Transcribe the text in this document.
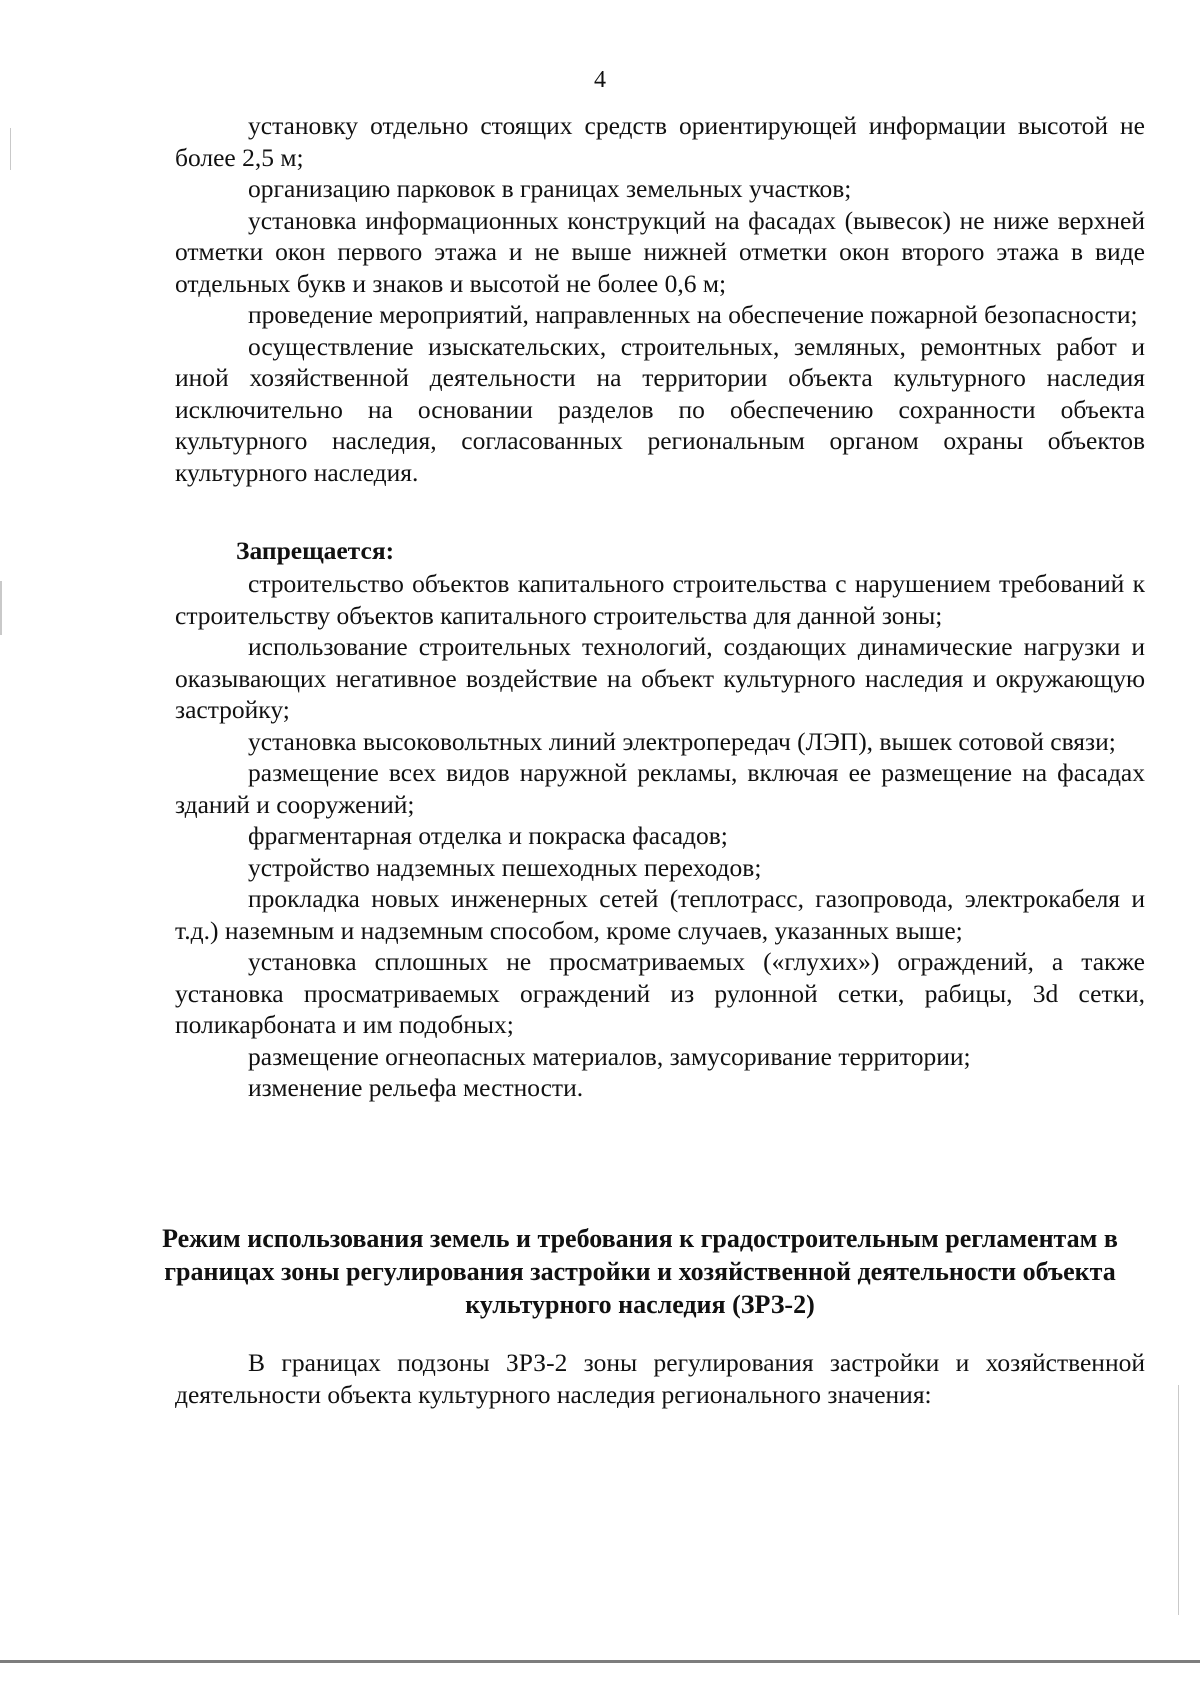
4

установку отдельно стоящих средств ориентирующей информации высотой не более 2,5 м;

организацию парковок в границах земельных участков;

установка информационных конструкций на фасадах (вывесок) не ниже верхней отметки окон первого этажа и не выше нижней отметки окон второго этажа в виде отдельных букв и знаков и высотой не более 0,6 м;

проведение мероприятий, направленных на обеспечение пожарной безопасности;

осуществление изыскательских, строительных, земляных, ремонтных работ и иной хозяйственной деятельности на территории объекта культурного наследия исключительно на основании разделов по обеспечению сохранности объекта культурного наследия, согласованных региональным органом охраны объектов культурного наследия.

Запрещается:

строительство объектов капитального строительства с нарушением требований к строительству объектов капитального строительства для данной зоны;

использование строительных технологий, создающих динамические нагрузки и оказывающих негативное воздействие на объект культурного наследия и окружающую застройку;

установка высоковольтных линий электропередач (ЛЭП), вышек сотовой связи;

размещение всех видов наружной рекламы, включая ее размещение на фасадах зданий и сооружений;

фрагментарная отделка и покраска фасадов;

устройство надземных пешеходных переходов;

прокладка новых инженерных сетей (теплотрасс, газопровода, электрокабеля и т.д.) наземным и надземным способом, кроме случаев, указанных выше;

установка сплошных не просматриваемых («глухих») ограждений, а также установка просматриваемых ограждений из рулонной сетки, рабицы, 3d сетки, поликарбоната и им подобных;

размещение огнеопасных материалов, замусоривание территории;

изменение рельефа местности.

Режим использования земель и требования к градостроительным регламентам в границах зоны регулирования застройки и хозяйственной деятельности объекта культурного наследия (ЗРЗ-2)

В границах подзоны ЗРЗ-2 зоны регулирования застройки и хозяйственной деятельности объекта культурного наследия регионального значения:
